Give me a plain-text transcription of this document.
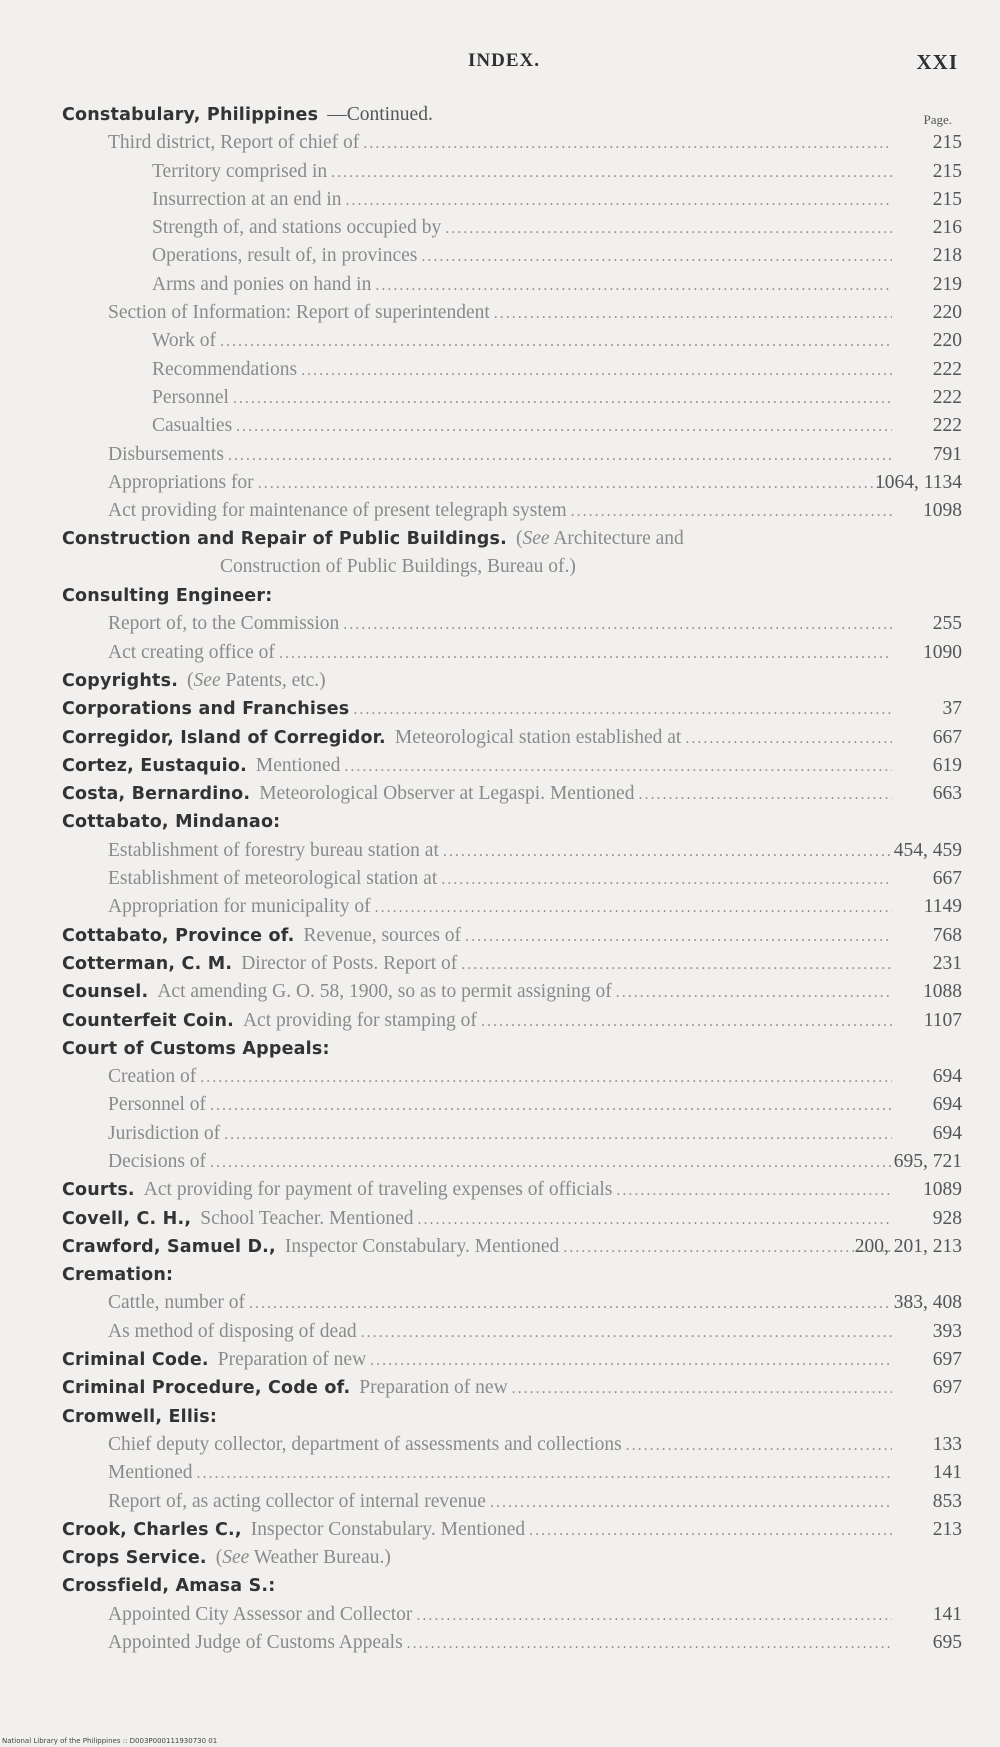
INDEX.	XXI
Page.
Constabulary, Philippines —Continued.
Third district, Report of chief of .....	215
Territory comprised in .....	215
Insurrection at an end in .....	215
Strength of, and stations occupied by .....	216
Operations, result of, in provinces .....	218
Arms and ponies on hand in .....	219
Section of Information: Report of superintendent .....	220
Work of .....	220
Recommendations .....	222
Personnel .....	222
Casualties .....	222
Disbursements .....	791
Appropriations for .....	1064, 1134
Act providing for maintenance of present telegraph system .....	1098
Construction and Repair of Public Buildings. (See Architecture and
Construction of Public Buildings, Bureau of.)
Consulting Engineer:
Report of, to the Commission .....	255
Act creating office of .....	1090
Copyrights. (See Patents, etc.)
Corporations and Franchises .....	37
Corregidor, Island of Corregidor. Meteorological station established at .....	667
Cortez, Eustaquio. Mentioned .....	619
Costa, Bernardino. Meteorological Observer at Legaspi. Mentioned .....	663
Cottabato, Mindanao:
Establishment of forestry bureau station at .....	454, 459
Establishment of meteorological station at .....	667
Appropriation for municipality of .....	1149
Cottabato, Province of. Revenue, sources of .....	768
Cotterman, C. M. Director of Posts. Report of .....	231
Counsel. Act amending G. O. 58, 1900, so as to permit assigning of .....	1088
Counterfeit Coin. Act providing for stamping of .....	1107
Court of Customs Appeals:
Creation of .....	694
Personnel of .....	694
Jurisdiction of .....	694
Decisions of .....	695, 721
Courts. Act providing for payment of traveling expenses of officials .....	1089
Covell, C. H., School Teacher. Mentioned .....	928
Crawford, Samuel D., Inspector Constabulary. Mentioned .....	200, 201, 213
Cremation:
Cattle, number of .....	383, 408
As method of disposing of dead .....	393
Criminal Code. Preparation of new .....	697
Criminal Procedure, Code of. Preparation of new .....	697
Cromwell, Ellis:
Chief deputy collector, department of assessments and collections .....	133
Mentioned .....	141
Report of, as acting collector of internal revenue .....	853
Crook, Charles C., Inspector Constabulary. Mentioned .....	213
Crops Service. (See Weather Bureau.)
Crossfield, Amasa S.:
Appointed City Assessor and Collector .....	141
Appointed Judge of Customs Appeals .....	695
National Library of the Philippines :: D003P000111930730 01
